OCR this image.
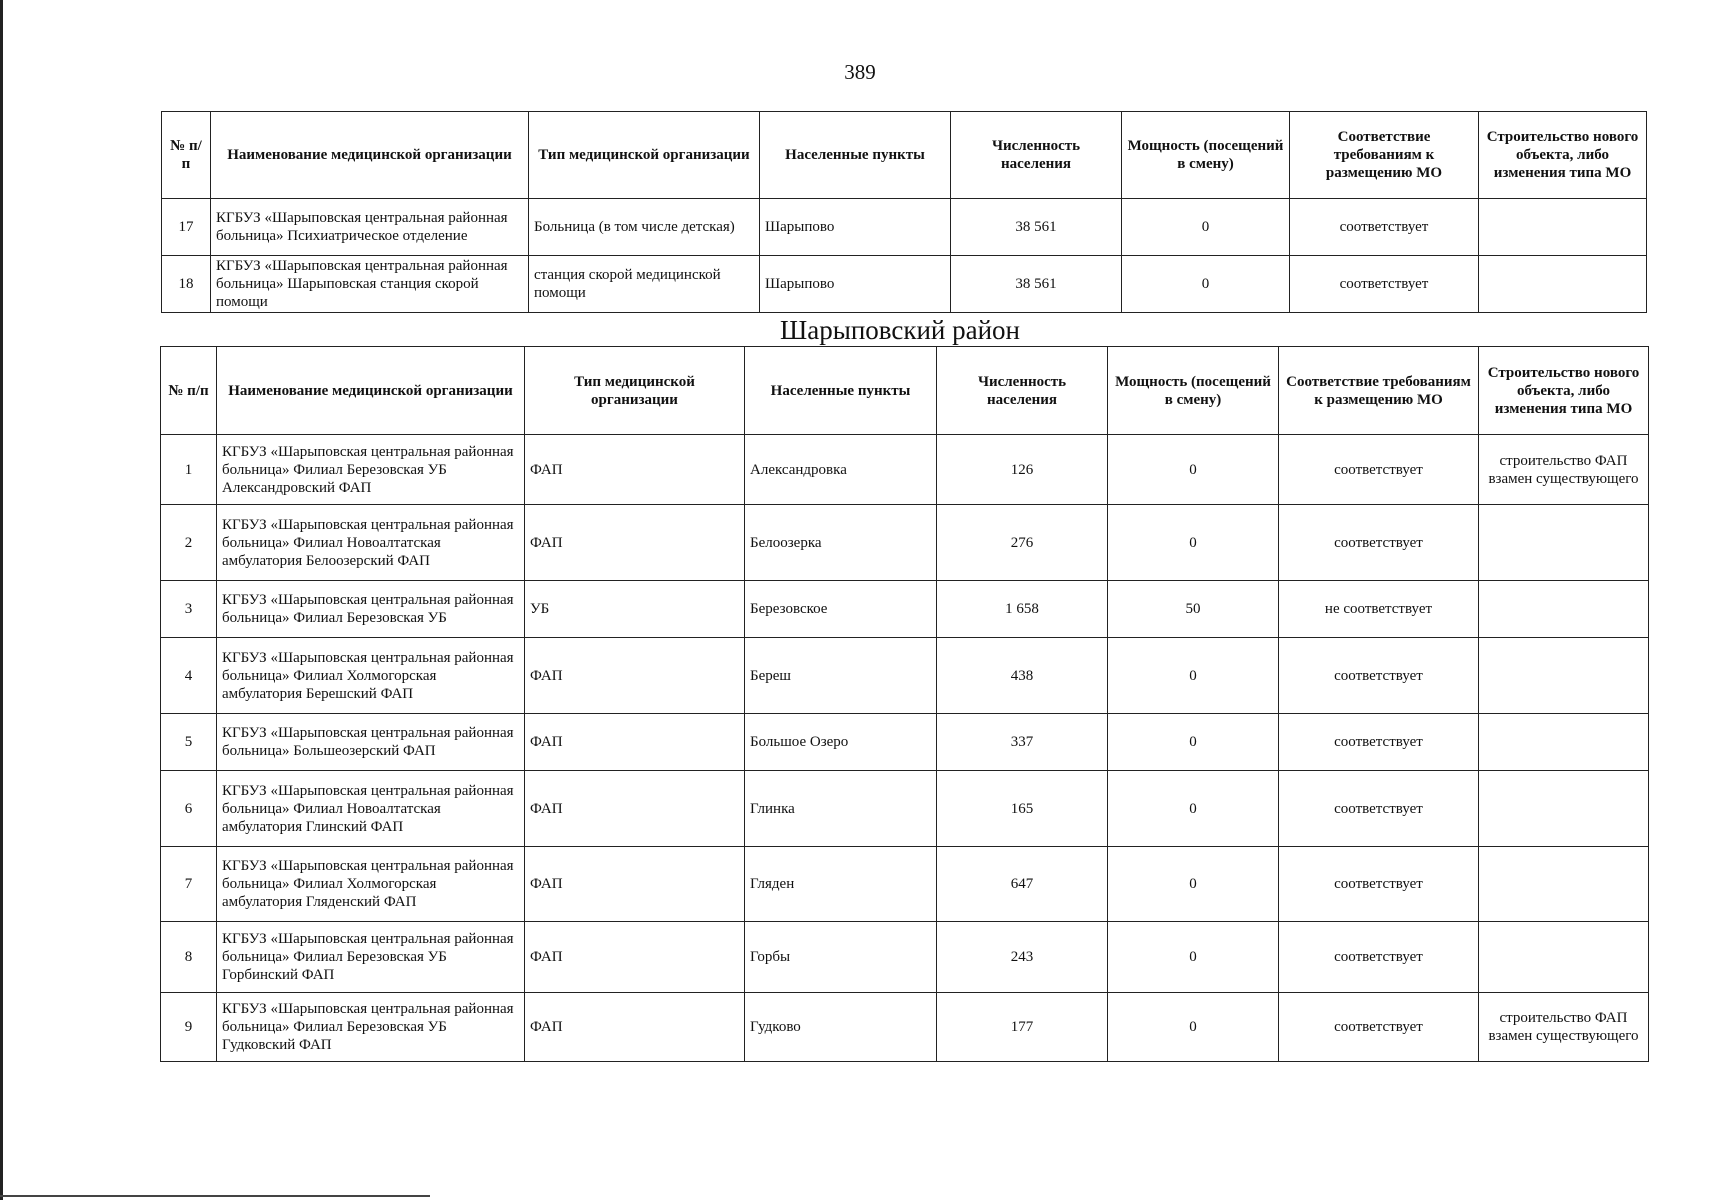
389
№ п/п	Наименование медицинской организации	Тип медицинской организации	Населенные пункты	Численность населения	Мощность (посещений в смену)	Соответствие требованиям к размещению МО	Строительство нового объекта, либо изменения типа МО
17	КГБУЗ «Шарыповская центральная районная больница» Психиатрическое отделение	Больница (в том числе детская)	Шарыпово	38 561	0	соответствует	
18	КГБУЗ «Шарыповская центральная районная больница» Шарыповская станция скорой помощи	станция скорой медицинской помощи	Шарыпово	38 561	0	соответствует	
Шарыповский район
№ п/п	Наименование медицинской организации	Тип медицинской организации	Населенные пункты	Численность населения	Мощность (посещений в смену)	Соответствие требованиям к размещению МО	Строительство нового объекта, либо изменения типа МО
1	КГБУЗ «Шарыповская центральная районная больница» Филиал Березовская УБ Александровский ФАП	ФАП	Александровка	126	0	соответствует	строительство ФАП взамен существующего
2	КГБУЗ «Шарыповская центральная районная больница» Филиал Новоалтатская амбулатория Белоозерский ФАП	ФАП	Белоозерка	276	0	соответствует	
3	КГБУЗ «Шарыповская центральная районная больница» Филиал Березовская УБ	УБ	Березовское	1 658	50	не соответствует	
4	КГБУЗ «Шарыповская центральная районная больница» Филиал Холмогорская амбулатория Берешский ФАП	ФАП	Береш	438	0	соответствует	
5	КГБУЗ «Шарыповская центральная районная больница» Большеозерский ФАП	ФАП	Большое Озеро	337	0	соответствует	
6	КГБУЗ «Шарыповская центральная районная больница» Филиал Новоалтатская амбулатория Глинский ФАП	ФАП	Глинка	165	0	соответствует	
7	КГБУЗ «Шарыповская центральная районная больница» Филиал Холмогорская амбулатория Гляденский ФАП	ФАП	Гляден	647	0	соответствует	
8	КГБУЗ «Шарыповская центральная районная больница» Филиал Березовская УБ Горбинский ФАП	ФАП	Горбы	243	0	соответствует	
9	КГБУЗ «Шарыповская центральная районная больница» Филиал Березовская УБ Гудковский ФАП	ФАП	Гудково	177	0	соответствует	строительство ФАП взамен существующего
